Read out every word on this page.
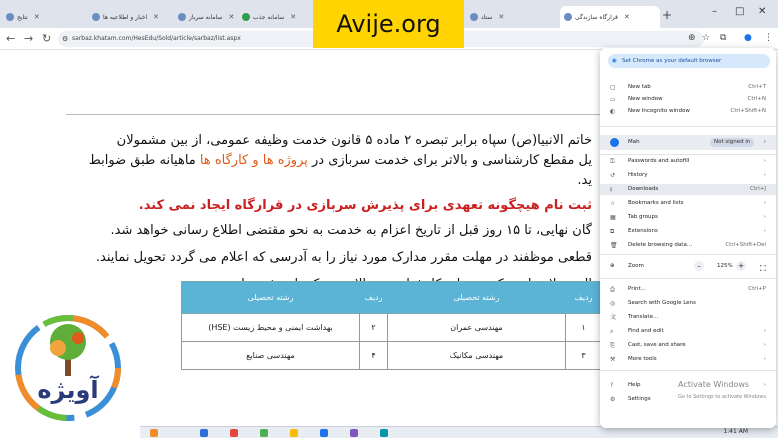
نتایج ✕	اخبار و اطلاعیه ها ✕	سامانه سرباز ✕	سامانه جذب ✕	ستاد ✕	قرارگاه سازندگی ✕	+	– □ ✕
← → ↻ ⚙ sarbaz.khatam.com/HesEdu/Sold/article/sarbaz/list.aspx	⊕ ☆ ⧉ ● ⋮
خاتم الانبیا(ص) سپاه برابر تبصره ۲ ماده ۵ قانون خدمت وظیفه عمومی، از بین مشمولان
یل مقطع کارشناسی و بالاتر برای خدمت سربازی در پروژه ها و کارگاه ها ماهیانه طبق ضوابط
ید.
ثبت نام هیچگونه تعهدی برای پذیرش سربازی در قرارگاه ایجاد نمی کند.
گان نهایی، تا ۱۵ روز قبل از تاریخ اعزام به خدمت به نحو مقتضی اطلاع رسانی خواهد شد.
قطعی موظفند در مهلت مقرر مدارک مورد نیاز را به آدرسی که اعلام می گردد تحویل نمایند.
ردیف	رشته تحصیلی	ردیف	رشته تحصیلی
۱	مهندسی عمران	۲	بهداشت ایمنی و محیط زیست (HSE)
۳	مهندسی مکانیک	۴	مهندسی صنایع
آویژه
1:41 AM
◉ Set Chrome as your default browser
▢ New tab	Ctrl+T
▭ New window	Ctrl+N
◐ New Incognito window	Ctrl+Shift+N
Mah	Not signed in	›
⚿ Passwords and autofill	›
↺ History	›
⭳	Downloads	Ctrl+J
☆ Bookmarks and lists	›
▦ Tab groups	›
⧉ Extensions	›
🗑 Delete browsing data...	Ctrl+Shift+Del
⊕ Zoom	–	125% + ⛶
⎙ Print...	Ctrl+P
◎ Search with Google Lens
文 Translate...
⌕	Find and edit	›
⎘ Cast, save and share	›
⚒ More tools	›
?	Help	›
⚙ Settings
Activate Windows
Go to Settings to activate Windows.
Avije.org
